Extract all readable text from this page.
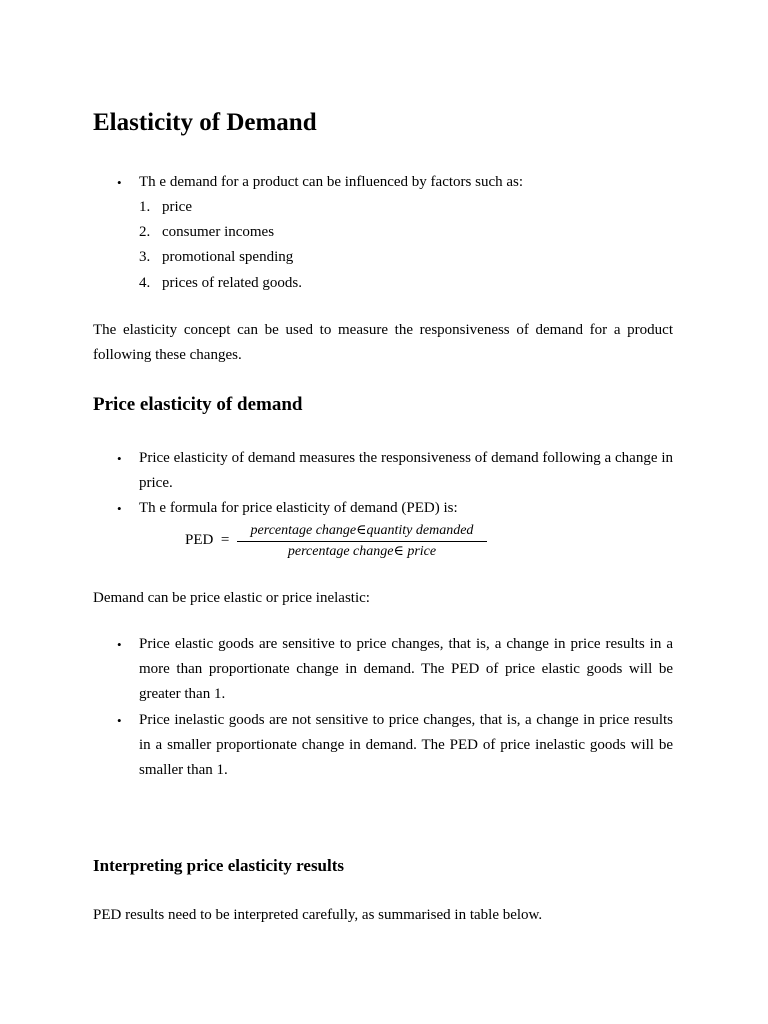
Elasticity of Demand
•	Th e demand for a product can be influenced by factors such as:
1. price
2. consumer incomes
3. promotional spending
4. prices of related goods.

The elasticity concept can be used to measure the responsiveness of demand for a product following these changes.

Price elasticity of demand
•	Price elasticity of demand measures the responsiveness of demand following a change in price.
•	Th e formula for price elasticity of demand (PED) is:
PED =
percentage change∈quantity demanded
percentage change∈ price

Demand can be price elastic or price inelastic:

•	Price elastic goods are sensitive to price changes, that is, a change in price results in a more than proportionate change in demand. The PED of price elastic goods will be greater than 1.
•	Price inelastic goods are not sensitive to price changes, that is, a change in price results in a smaller proportionate change in demand. The PED of price inelastic goods will be smaller than 1.
Interpreting price elasticity results

PED results need to be interpreted carefully, as summarised in table below.
